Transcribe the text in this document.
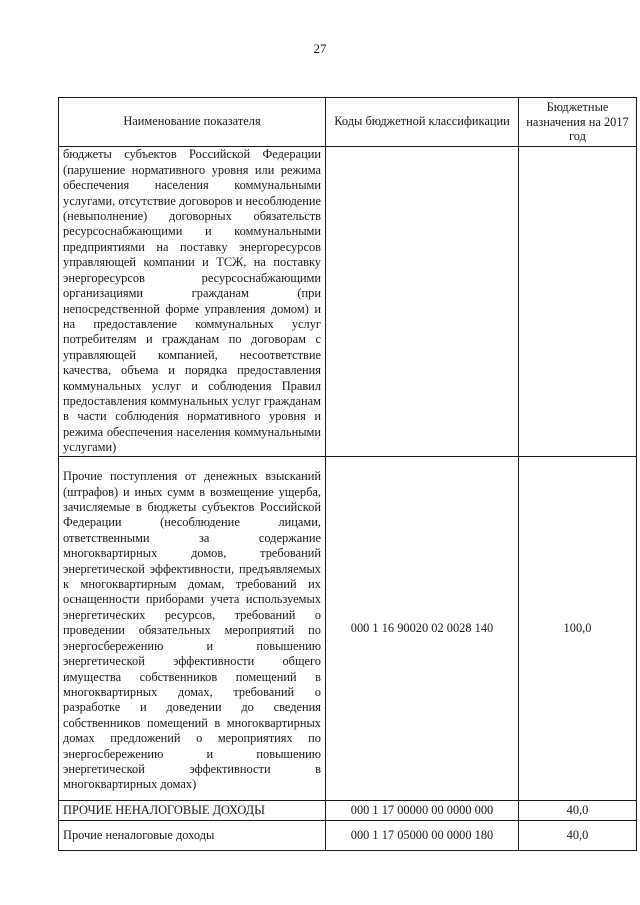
27
Наименование показателя	Коды бюджетной классификации	Бюджетные назначения на 2017 год
бюджеты субъектов Российской Федерации (парушение нормативного уровня или режима обеспечения населения коммунальными услугами, отсутствие договоров и несоблюдение (невыполнение) договорных обязательств ресурсоснабжающими и коммунальными предприятиями на поставку энергоресурсов управляющей компании и ТСЖ, на поставку энергоресурсов ресурсоснабжающими организациями гражданам (при непосредственной форме управления домом) и на предоставление коммунальных услуг потребителям и гражданам по договорам с управляющей компанией, несоответствие качества, объема и порядка предоставления коммунальных услуг и соблюдения Правил предоставления коммунальных услуг гражданам в части соблюдения нормативного уровня и режима обеспечения населения коммунальными услугами)		
Прочие поступления от денежных взысканий (штрафов) и иных сумм в возмещение ущерба, зачисляемые в бюджеты субъектов Российской Федерации (несоблюдение лицами, ответственными за содержание многоквартирных домов, требований энергетической эффективности, предъявляемых к многоквартирным домам, требований их оснащенности приборами учета используемых энергетических ресурсов, требований о проведении обязательных мероприятий по энергосбережению и повышению энергетической эффективности общего имущества собственников помещений в многоквартирных домах, требований о разработке и доведении до сведения собственников помещений в многоквартирных домах предложений о мероприятиях по энергосбережению и повышению энергетической эффективности в многоквартирных домах)	000 1 16 90020 02 0028 140	100,0
ПРОЧИЕ НЕНАЛОГОВЫЕ ДОХОДЫ	000 1 17 00000 00 0000 000	40,0
Прочие неналоговые доходы	000 1 17 05000 00 0000 180	40,0
